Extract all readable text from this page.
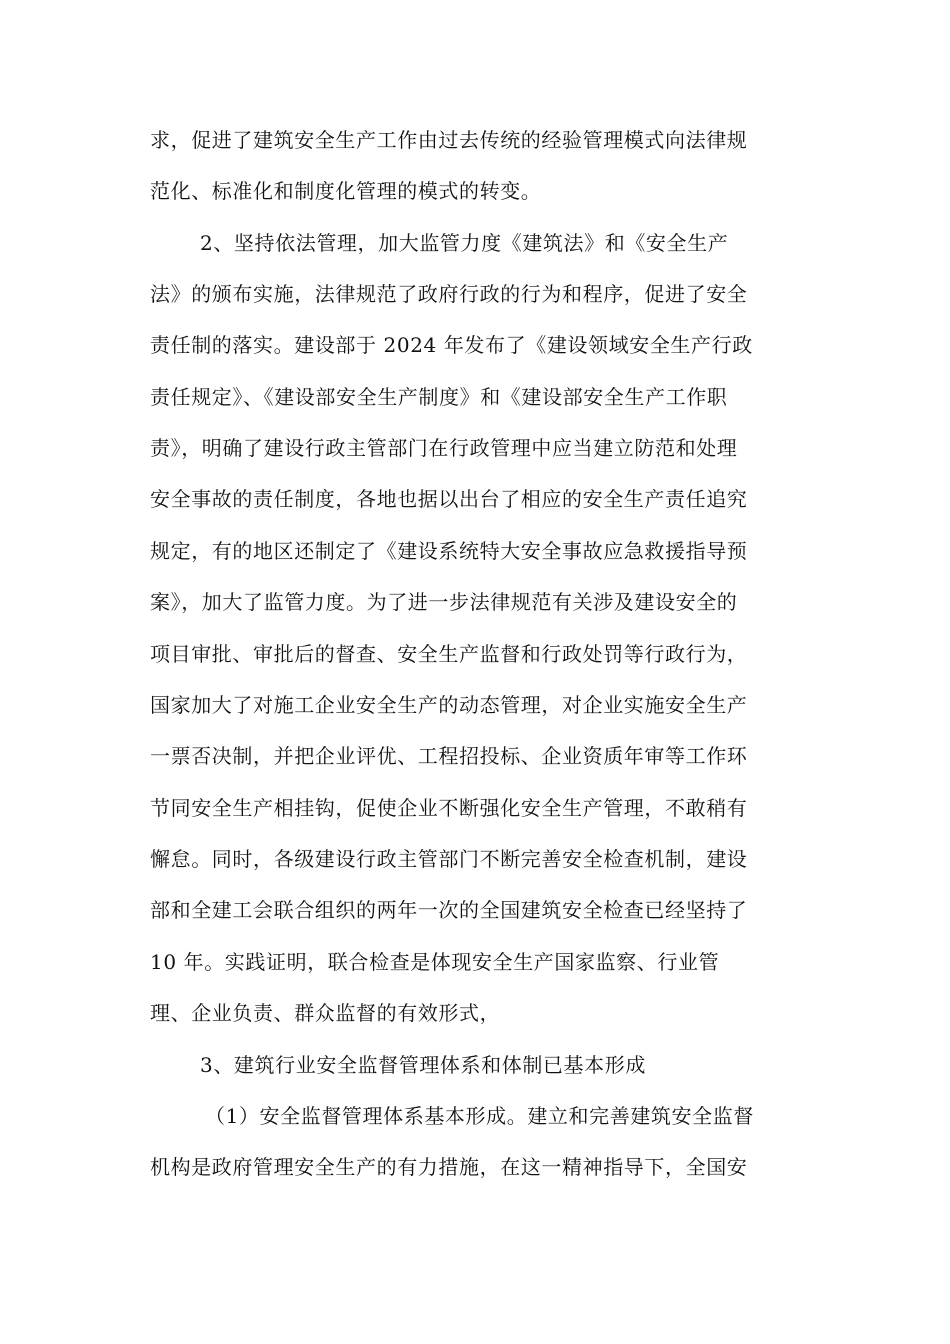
求，促进了建筑安全生产工作由过去传统的经验管理模式向法律规
范化、标准化和制度化管理的模式的转变。
2、坚持依法管理，加大监管力度《建筑法》和《安全生产
法》的颁布实施，法律规范了政府行政的行为和程序，促进了安全
责任制的落实。建设部于 2024 年发布了《建设领域安全生产行政
责任规定》、《建设部安全生产制度》和《建设部安全生产工作职
责》，明确了建设行政主管部门在行政管理中应当建立防范和处理
安全事故的责任制度，各地也据以出台了相应的安全生产责任追究
规定，有的地区还制定了《建设系统特大安全事故应急救援指导预
案》，加大了监管力度。为了进一步法律规范有关涉及建设安全的
项目审批、审批后的督查、安全生产监督和行政处罚等行政行为，
国家加大了对施工企业安全生产的动态管理，对企业实施安全生产
一票否决制，并把企业评优、工程招投标、企业资质年审等工作环
节同安全生产相挂钩，促使企业不断强化安全生产管理，不敢稍有
懈怠。同时，各级建设行政主管部门不断完善安全检查机制，建设
部和全建工会联合组织的两年一次的全国建筑安全检查已经坚持了
10 年。实践证明，联合检查是体现安全生产国家监察、行业管
理、企业负责、群众监督的有效形式，
3、建筑行业安全监督管理体系和体制已基本形成
（1）安全监督管理体系基本形成。建立和完善建筑安全监督
机构是政府管理安全生产的有力措施，在这一精神指导下，全国安
